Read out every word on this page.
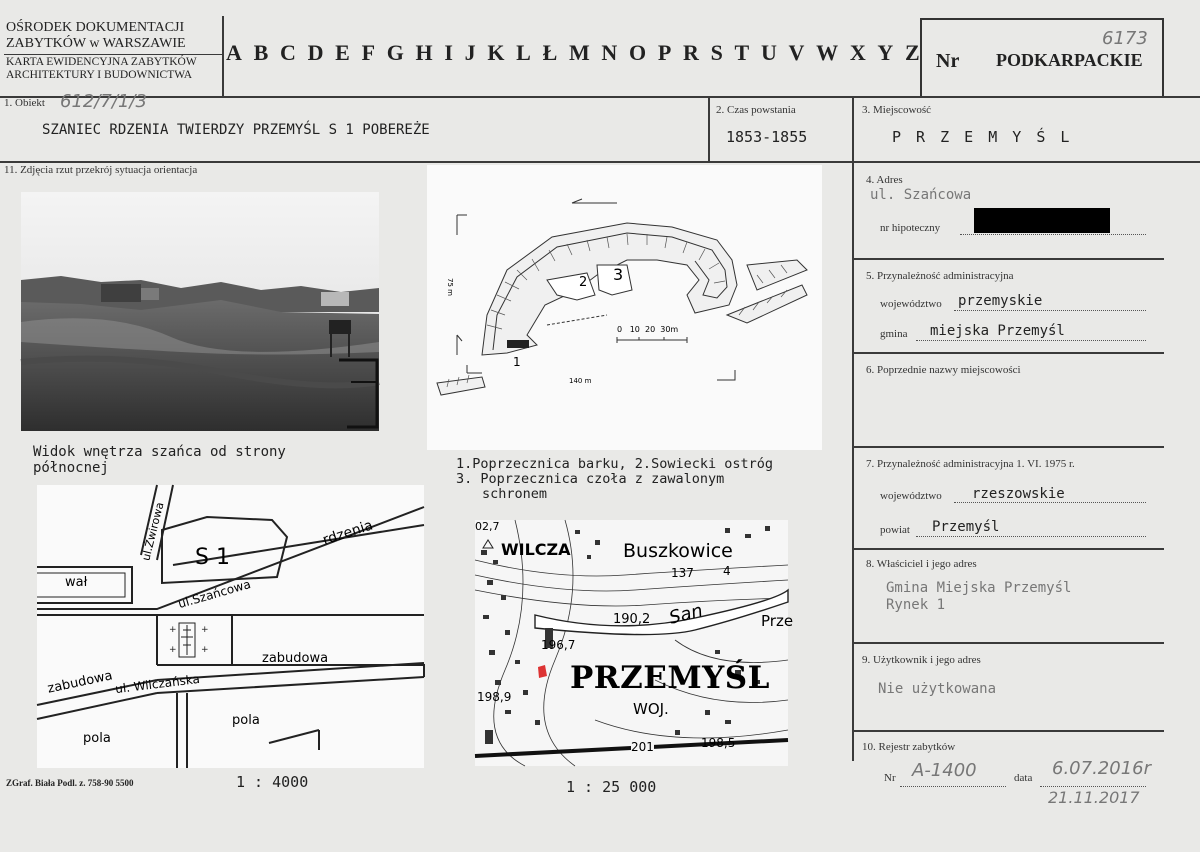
OŚRODEK DOKUMENTACJI
ZABYTKÓW w WARSZAWIE
KARTA EWIDENCYJNA ZABYTKÓW
ARCHITEKTURY I BUDOWNICTWA
A B C D E F G H I J K L Ł M N O P R S T U V W X Y Z Nr PODKARPACKIE
6173
1. Obiekt 612/7/1/3
SZANIEC RDZENIA TWIERDZY PRZEMYŚL S 1 POBEREŻE
2. Czas powstania
1853-1855
3. Miejscowość
P R Z E M Y Ś L
11. Zdjęcia rzut przekrój sytuacja orientacja
Widok wnętrza szańca od strony
północnej
1
2 3
0   10  20  30m
140 m
75 m
1.Poprzecznica barku, 2.Sowiecki ostróg
3. Poprzecznica czoła z zawalonym
schronem
+	+
+	+
S 1
rdzenia
wał
ul.Żwirowa
ul.Szańcowa
zabudowa
zabudowa
ul. Wilczańska
pola
pola
1 : 4000
02,7
WILCZA	Buszkowice
137 4
190,2 San	Prze
196,7
PRZEMYŚL
198,9
WOJ.
201	198,5
1 : 25 000
ZGraf. Biała Podl. z. 758-90 5500
4. Adres
ul. Szańcowa
nr hipoteczny
5. Przynależność administracyjna
województwo przemyskie
gmina miejska Przemyśl
6. Poprzednie nazwy miejscowości
7. Przynależność administracyjna 1. VI. 1975 r.
województwo rzeszowskie
powiat Przemyśl
8. Właściciel i jego adres
Gmina Miejska Przemyśl
Rynek 1
9. Użytkownik i jego adres
Nie użytkowana
10. Rejestr zabytków
Nr A-1400	data 6.07.2016r
21.11.2017
